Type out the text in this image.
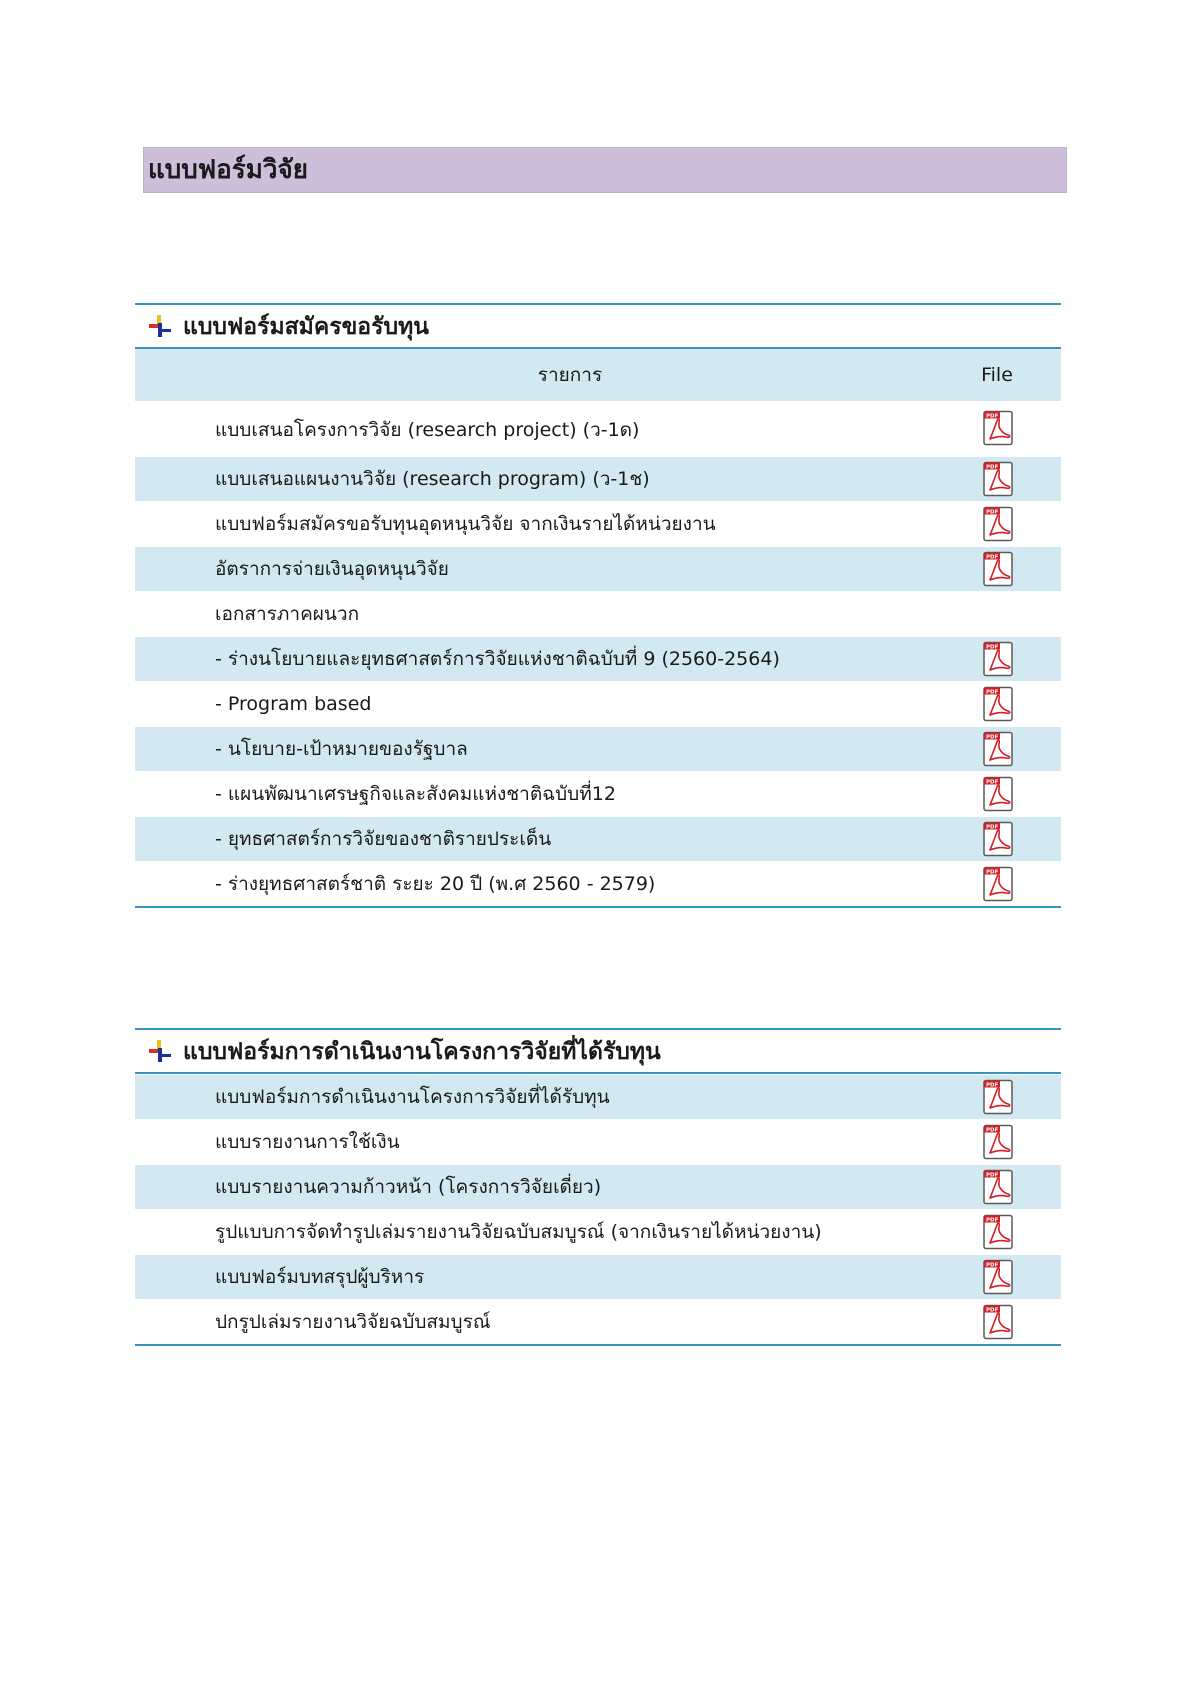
แบบฟอร์มวิจัย
แบบฟอร์มสมัครขอรับทุน
รายการ	File
แบบเสนอโครงการวิจัย (research project) (ว-1ด)
PDF
แบบเสนอแผนงานวิจัย (research program) (ว-1ช)
PDF
แบบฟอร์มสมัครขอรับทุนอุดหนุนวิจัย จากเงินรายได้หน่วยงาน
PDF
อัตราการจ่ายเงินอุดหนุนวิจัย
PDF
เอกสารภาคผนวก
- ร่างนโยบายและยุทธศาสตร์การวิจัยแห่งชาติฉบับที่ 9 (2560-2564)
PDF
- Program based
PDF
- นโยบาย-เป้าหมายของรัฐบาล
PDF
- แผนพัฒนาเศรษฐกิจและสังคมแห่งชาติฉบับที่12
PDF
- ยุทธศาสตร์การวิจัยของชาติรายประเด็น
PDF
- ร่างยุทธศาสตร์ชาติ ระยะ 20 ปี (พ.ศ 2560 - 2579)
PDF
แบบฟอร์มการดำเนินงานโครงการวิจัยที่ได้รับทุน
แบบฟอร์มการดำเนินงานโครงการวิจัยที่ได้รับทุน
PDF
แบบรายงานการใช้เงิน
PDF
แบบรายงานความก้าวหน้า (โครงการวิจัยเดี่ยว)
PDF
รูปแบบการจัดทำรูปเล่มรายงานวิจัยฉบับสมบูรณ์ (จากเงินรายได้หน่วยงาน)
PDF
แบบฟอร์มบทสรุปผู้บริหาร
PDF
ปกรูปเล่มรายงานวิจัยฉบับสมบูรณ์
PDF
